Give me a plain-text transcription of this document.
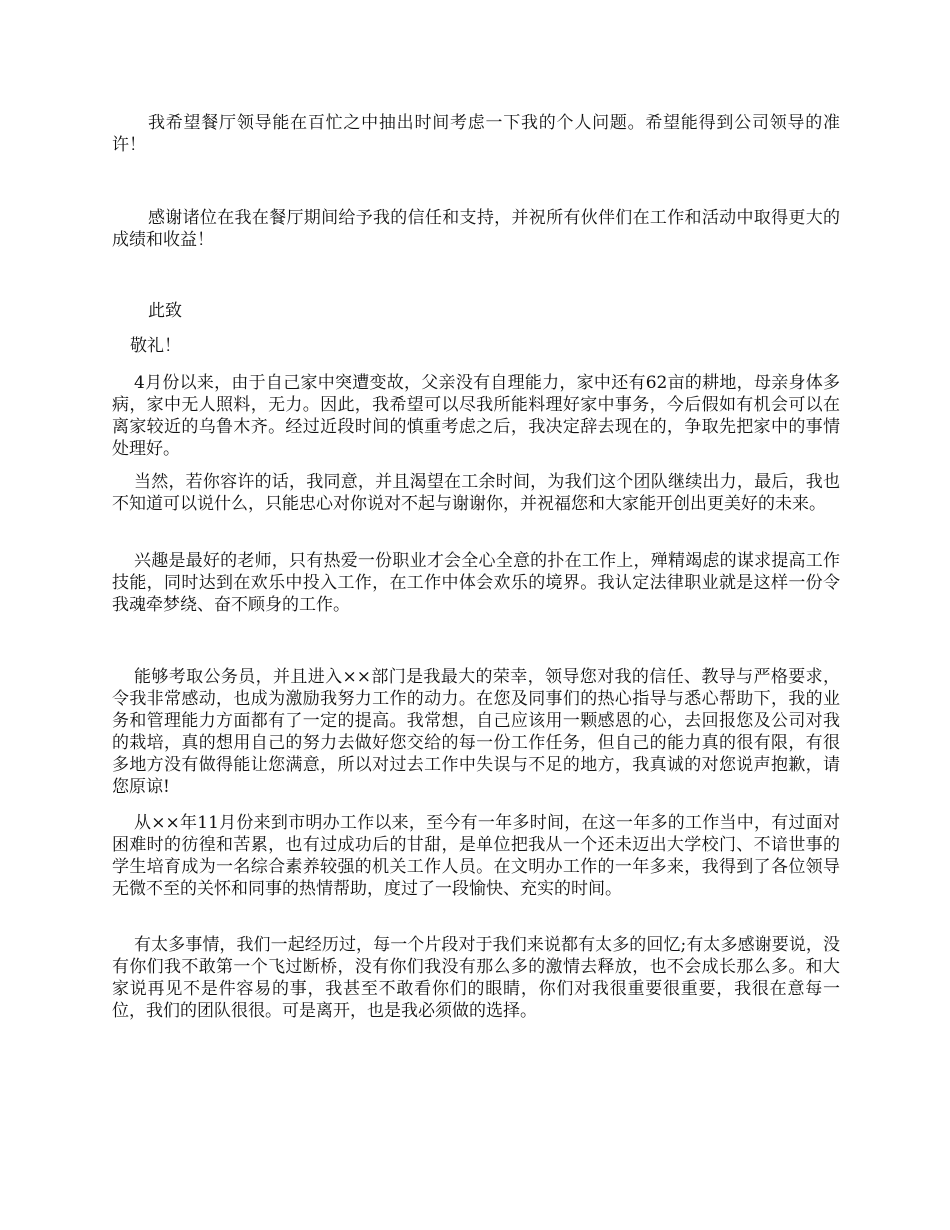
我希望餐厅领导能在百忙之中抽出时间考虑一下我的个人问题。希望能得到公司领导的准许！

感谢诸位在我在餐厅期间给予我的信任和支持，并祝所有伙伴们在工作和活动中取得更大的成绩和收益！

此致

敬礼！

4月份以来，由于自己家中突遭变故，父亲没有自理能力，家中还有62亩的耕地，母亲身体多病，家中无人照料，无力。因此，我希望可以尽我所能料理好家中事务，今后假如有机会可以在离家较近的乌鲁木齐。经过近段时间的慎重考虑之后，我决定辞去现在的，争取先把家中的事情处理好。

当然，若你容许的话，我同意，并且渴望在工余时间，为我们这个团队继续出力，最后，我也不知道可以说什么，只能忠心对你说对不起与谢谢你，并祝福您和大家能开创出更美好的未来。

兴趣是最好的老师，只有热爱一份职业才会全心全意的扑在工作上，殚精竭虑的谋求提高工作技能，同时达到在欢乐中投入工作，在工作中体会欢乐的境界。我认定法律职业就是这样一份令我魂牵梦绕、奋不顾身的工作。

能够考取公务员，并且进入××部门是我最大的荣幸，领导您对我的信任、教导与严格要求，令我非常感动，也成为激励我努力工作的动力。在您及同事们的热心指导与悉心帮助下，我的业务和管理能力方面都有了一定的提高。我常想，自己应该用一颗感恩的心，去回报您及公司对我的栽培，真的想用自己的努力去做好您交给的每一份工作任务，但自己的能力真的很有限，有很多地方没有做得能让您满意，所以对过去工作中失误与不足的地方，我真诚的对您说声抱歉，请您原谅!

从××年11月份来到市明办工作以来，至今有一年多时间，在这一年多的工作当中，有过面对困难时的彷徨和苦累，也有过成功后的甘甜，是单位把我从一个还未迈出大学校门、不谙世事的学生培育成为一名综合素养较强的机关工作人员。在文明办工作的一年多来，我得到了各位领导无微不至的关怀和同事的热情帮助，度过了一段愉快、充实的时间。

有太多事情，我们一起经历过，每一个片段对于我们来说都有太多的回忆;有太多感谢要说，没有你们我不敢第一个飞过断桥，没有你们我没有那么多的激情去释放，也不会成长那么多。和大家说再见不是件容易的事，我甚至不敢看你们的眼睛，你们对我很重要很重要，我很在意每一位，我们的团队很很。可是离开，也是我必须做的选择。
